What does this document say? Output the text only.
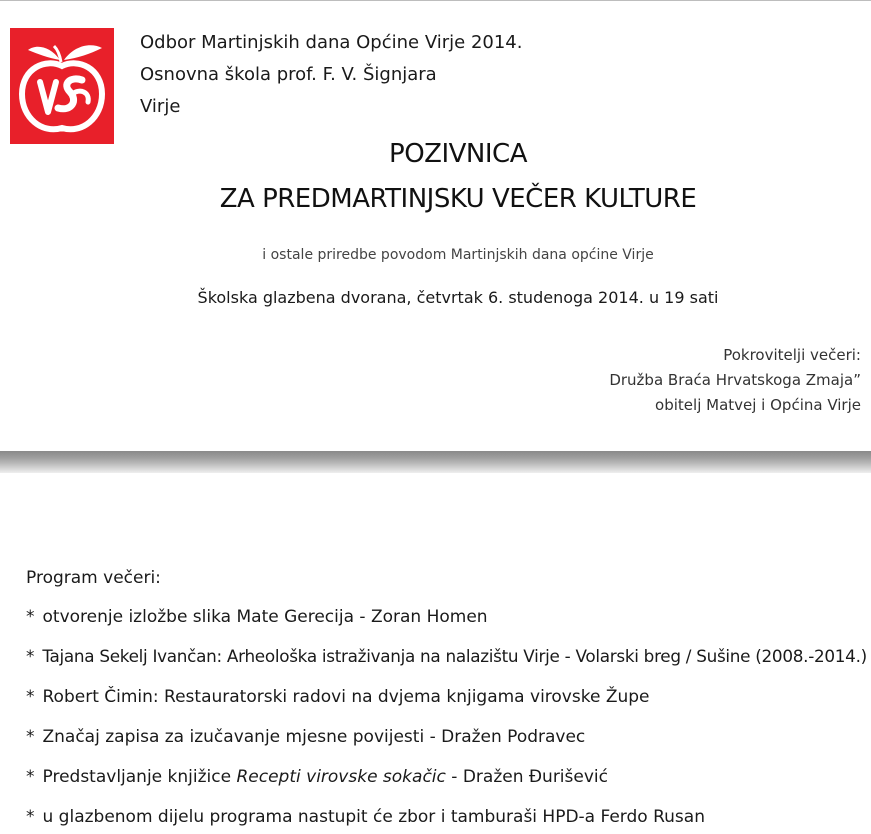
Odbor Martinjskih dana Općine Virje 2014.
Osnovna škola prof. F. V. Šignjara
Virje
POZIVNICA
ZA PREDMARTINJSKU VEČER KULTURE
i ostale priredbe povodom Martinjskih dana općine Virje
Školska glazbena dvorana, četvrtak 6. studenoga 2014. u 19 sati
Pokrovitelji večeri:
Družba Braća Hrvatskoga Zmaja”
obitelj Matvej i Općina Virje
Program večeri:
* otvorenje izložbe slika Mate Gerecija - Zoran Homen
* Tajana Sekelj Ivančan: Arheološka istraživanja na nalazištu Virje - Volarski breg / Sušine (2008.-2014.)
* Robert Čimin: Restauratorski radovi na dvjema knjigama virovske Župe
* Značaj zapisa za izučavanje mjesne povijesti - Dražen Podravec
* Predstavljanje knjižice Recepti virovske sokačic - Dražen Đurišević
* u glazbenom dijelu programa nastupit će zbor i tamburaši HPD-a Ferdo Rusan
